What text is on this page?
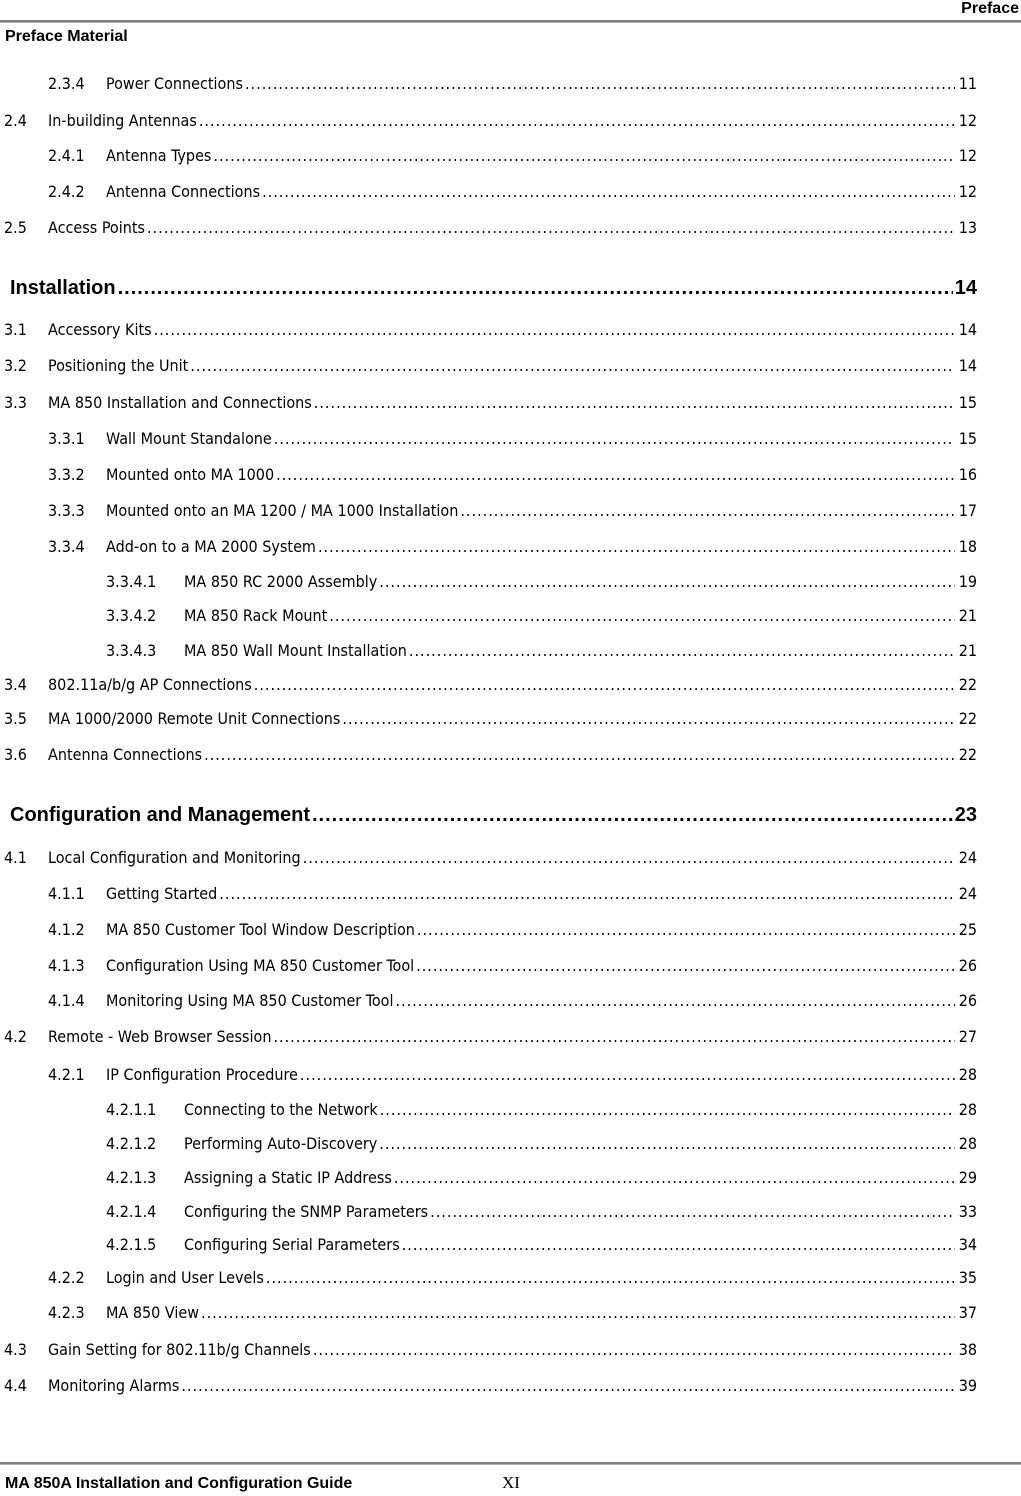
Preface
Preface Material
2.3.4	Power Connections .....	11
2.4	In-building Antennas .....	12
2.4.1	Antenna Types .....	12
2.4.2	Antenna Connections .....	12
2.5	Access Points .....	13
Installation .....	14
3.1	Accessory Kits .....	14
3.2	Positioning the Unit .....	14
3.3	MA 850 Installation and Connections .....	15
3.3.1	Wall Mount Standalone .....	15
3.3.2	Mounted onto MA 1000 .....	16
3.3.3	Mounted onto an MA 1200 / MA 1000 Installation .....	17
3.3.4	Add-on to a MA 2000 System .....	18
3.3.4.1	MA 850 RC 2000 Assembly .....	19
3.3.4.2	MA 850 Rack Mount .....	21
3.3.4.3	MA 850 Wall Mount Installation .....	21
3.4	802.11a/b/g AP Connections .....	22
3.5	MA 1000/2000 Remote Unit Connections .....	22
3.6	Antenna Connections .....	22
Configuration and Management .....	23
4.1	Local Configuration and Monitoring .....	24
4.1.1	Getting Started .....	24
4.1.2	MA 850 Customer Tool Window Description .....	25
4.1.3	Configuration Using MA 850 Customer Tool .....	26
4.1.4	Monitoring Using MA 850 Customer Tool .....	26
4.2	Remote - Web Browser Session .....	27
4.2.1	IP Configuration Procedure .....	28
4.2.1.1	Connecting to the Network .....	28
4.2.1.2	Performing Auto-Discovery .....	28
4.2.1.3	Assigning a Static IP Address .....	29
4.2.1.4	Configuring the SNMP Parameters .....	33
4.2.1.5	Configuring Serial Parameters .....	34
4.2.2	Login and User Levels .....	35
4.2.3	MA 850 View .....	37
4.3	Gain Setting for 802.11b/g Channels .....	38
4.4	Monitoring Alarms .....	39
MA 850A Installation and Configuration Guide	XI
